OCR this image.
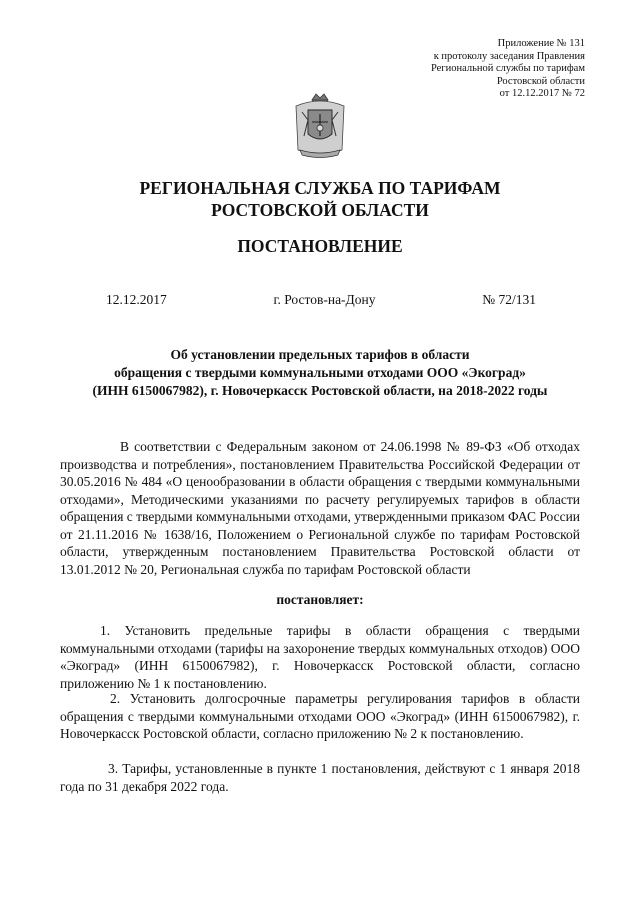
Приложение № 131
к протоколу заседания Правления
Региональной службы по тарифам
Ростовской области
от 12.12.2017 № 72
РЕГИОНАЛЬНАЯ СЛУЖБА ПО ТАРИФАМ
РОСТОВСКОЙ ОБЛАСТИ
ПОСТАНОВЛЕНИЕ
12.12.2017	г. Ростов-на-Дону	№ 72/131
Об установлении предельных тарифов в области
обращения с твердыми коммунальными отходами ООО «Экоград»
(ИНН 6150067982), г. Новочеркасск Ростовской области, на 2018-2022 годы
В соответствии с Федеральным законом от 24.06.1998 № 89-ФЗ «Об отходах производства и потребления», постановлением Правительства Российской Федерации от 30.05.2016 № 484 «О ценообразовании в области обращения с твердыми коммунальными отходами», Методическими указаниями по расчету регулируемых тарифов в области обращения с твердыми коммунальными отходами, утвержденными приказом ФАС России от 21.11.2016 № 1638/16, Положением о Региональной службе по тарифам Ростовской области, утвержденным постановлением Правительства Ростовской области от 13.01.2012 № 20, Региональная служба по тарифам Ростовской области
постановляет:
1. Установить предельные тарифы в области обращения с твердыми коммунальными отходами (тарифы на захоронение твердых коммунальных отходов) ООО «Экоград» (ИНН 6150067982), г. Новочеркасск Ростовской области, согласно приложению № 1 к постановлению.
2. Установить долгосрочные параметры регулирования тарифов в области обращения с твердыми коммунальными отходами ООО «Экоград» (ИНН 6150067982), г. Новочеркасск Ростовской области, согласно приложению № 2 к постановлению.
3. Тарифы, установленные в пункте 1 постановления, действуют с 1 января 2018 года по 31 декабря 2022 года.
